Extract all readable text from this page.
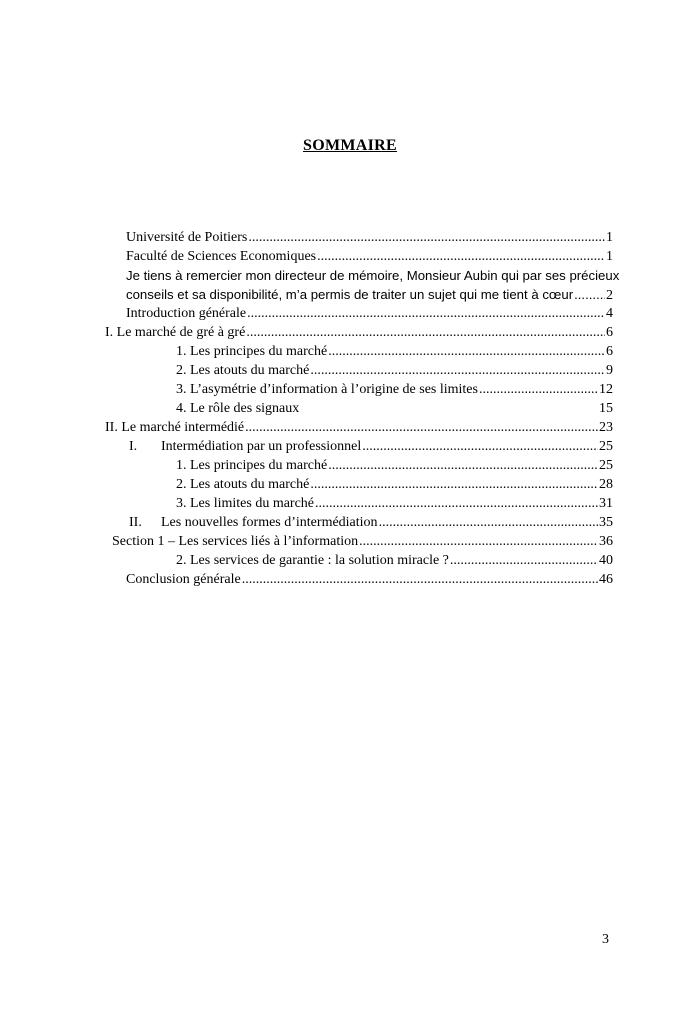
SOMMAIRE
Université de Poitiers .....	1
Faculté de Sciences Economiques .....	1
Je tiens à remercier mon directeur de mémoire, Monsieur Aubin qui par ses précieux
conseils et sa disponibilité, m’a permis de traiter un sujet qui me tient à cœur ..... 2
Introduction générale .....	4
I. Le marché de gré à gré .....	6
1. Les principes du marché .....	6
2. Les atouts du marché .....	9
3. L’asymétrie d’information à l’origine de ses limites .....	12
4. Le rôle des signaux	15
II. Le marché intermédié .....	23
I.	Intermédiation par un professionnel .....	25
1. Les principes du marché .....	25
2. Les atouts du marché .....	28
3. Les limites du marché .....	31
II.	Les nouvelles formes d’intermédiation .....	35
Section 1 – Les services liés à l’information .....	36
2. Les services de garantie : la solution miracle ? .....	40
Conclusion générale .....	46
3
